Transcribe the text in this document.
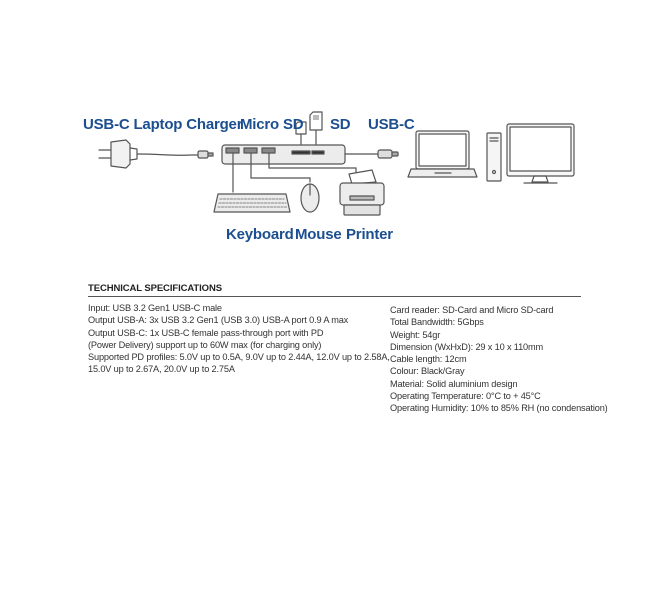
USB-C Laptop Charger
Micro SD SD USB-C
Keyboard Mouse Printer
TECHNICAL SPECIFICATIONS
Input: USB 3.2 Gen1 USB-C male
Output USB-A: 3x USB 3.2 Gen1 (USB 3.0) USB-A port 0.9 A max
Output USB-C: 1x USB-C female pass-through port with PD
(Power Delivery) support up to 60W max (for charging only)
Supported PD profiles: 5.0V up to 0.5A, 9.0V up to 2.44A, 12.0V up to 2.58A,
15.0V up to 2.67A, 20.0V up to 2.75A
Card reader: SD-Card and Micro SD-card
Total Bandwidth: 5Gbps
Weight: 54gr
Dimension (WxHxD): 29 x 10 x 110mm
Cable length: 12cm
Colour: Black/Gray
Material: Solid aluminium design
Operating Temperature: 0°C to + 45°C
Operating Humidity: 10% to 85% RH (no condensation)
